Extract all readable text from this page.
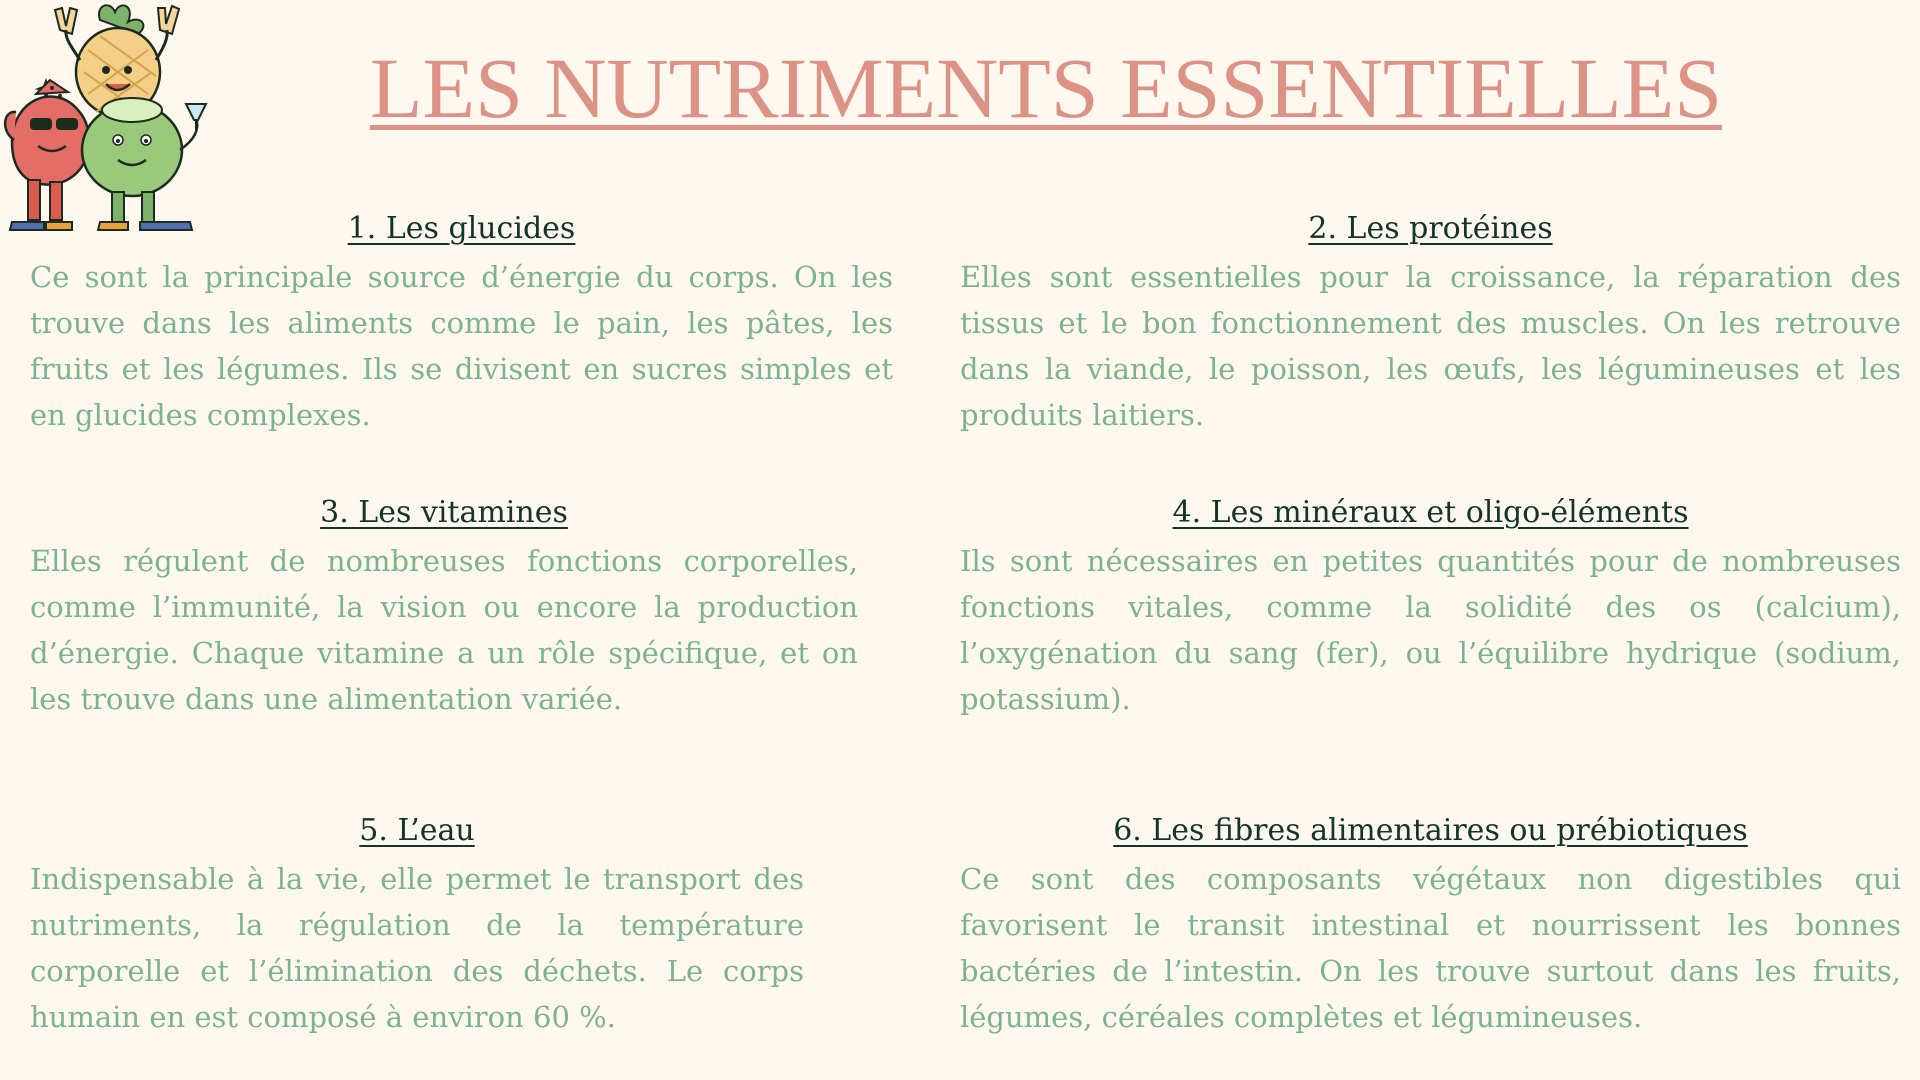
LES NUTRIMENTS ESSENTIELLES
1. Les glucides

Ce sont la principale source d’énergie du corps. On les trouve dans les aliments comme le pain, les pâtes, les fruits et les légumes. Ils se divisent en sucres simples et en glucides complexes.

2. Les protéines

Elles sont essentielles pour la croissance, la réparation des tissus et le bon fonctionnement des muscles. On les retrouve dans la viande, le poisson, les œufs, les légumineuses et les produits laitiers.

3. Les vitamines

Elles régulent de nombreuses fonctions corporelles, comme l’immunité, la vision ou encore la production d’énergie. Chaque vitamine a un rôle spécifique, et on les trouve dans une alimentation variée.

4. Les minéraux et oligo-éléments

Ils sont nécessaires en petites quantités pour de nombreuses fonctions vitales, comme la solidité des os (calcium), l’oxygénation du sang (fer), ou l’équilibre hydrique (sodium, potassium).

5. L’eau

Indispensable à la vie, elle permet le transport des nutriments, la régulation de la température corporelle et l’élimination des déchets. Le corps humain en est composé à environ 60 %.

6. Les fibres alimentaires ou prébiotiques

Ce sont des composants végétaux non digestibles qui favorisent le transit intestinal et nourrissent les bonnes bactéries de l’intestin. On les trouve surtout dans les fruits, légumes, céréales complètes et légumineuses.
